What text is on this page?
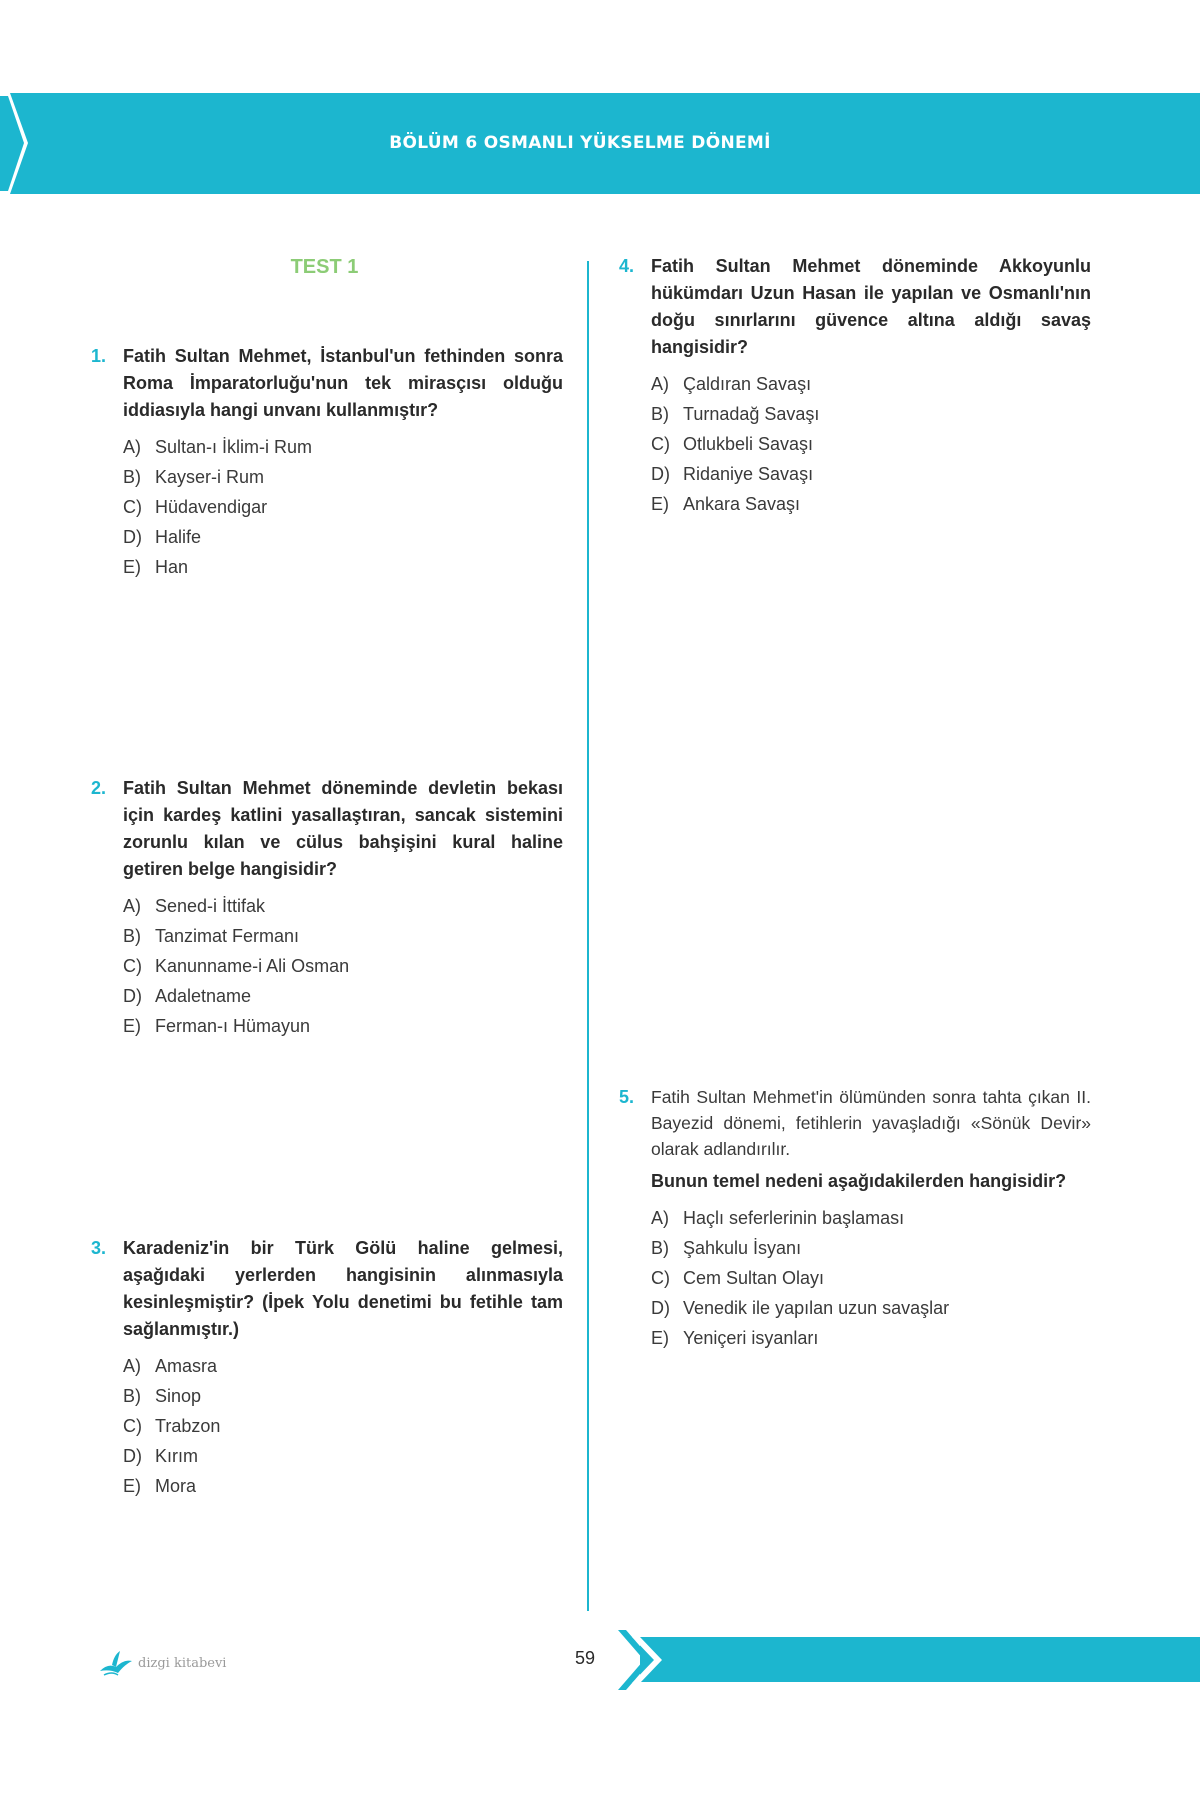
BÖLÜM 6 OSMANLI YÜKSELME DÖNEMİ
TEST 1
1. Fatih Sultan Mehmet, İstanbul'un fethinden sonra Roma İmparatorluğu'nun tek mirasçısı olduğu iddiasıyla hangi unvanı kullanmıştır?
A) Sultan-ı İklim-i Rum
B) Kayser-i Rum
C) Hüdavendigar
D) Halife
E) Han
2. Fatih Sultan Mehmet döneminde devletin bekası için kardeş katlini yasallaştıran, sancak sistemini zorunlu kılan ve cülus bahşişini kural haline getiren belge hangisidir?
A) Sened-i İttifak
B) Tanzimat Fermanı
C) Kanunname-i Ali Osman
D) Adaletname
E) Ferman-ı Hümayun
3. Karadeniz'in bir Türk Gölü haline gelmesi, aşağıdaki yerlerden hangisinin alınmasıyla kesinleşmiştir? (İpek Yolu denetimi bu fetihle tam sağlanmıştır.)
A) Amasra
B) Sinop
C) Trabzon
D) Kırım
E) Mora
4. Fatih Sultan Mehmet döneminde Akkoyunlu hükümdarı Uzun Hasan ile yapılan ve Osmanlı'nın doğu sınırlarını güvence altına aldığı savaş hangisidir?
A) Çaldıran Savaşı
B) Turnadağ Savaşı
C) Otlukbeli Savaşı
D) Ridaniye Savaşı
E) Ankara Savaşı
5. Fatih Sultan Mehmet'in ölümünden sonra tahta çıkan II. Bayezid dönemi, fetihlerin yavaşladığı «Sönük Devir» olarak adlandırılır.
Bunun temel nedeni aşağıdakilerden hangisidir?
A) Haçlı seferlerinin başlaması
B) Şahkulu İsyanı
C) Cem Sultan Olayı
D) Venedik ile yapılan uzun savaşlar
E) Yeniçeri isyanları
dizgi kitabevi	59
